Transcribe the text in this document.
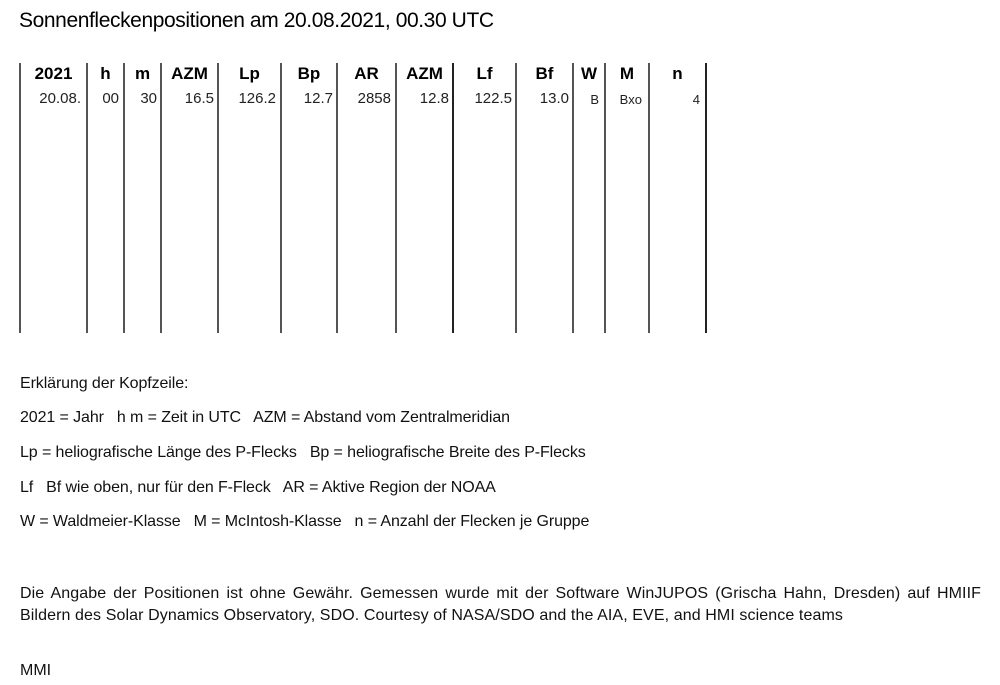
Sonnenfleckenpositionen am 20.08.2021, 00.30 UTC
2021	h	m	AZM	Lp	Bp	AR	AZM	Lf	Bf	W	M	n
20.08.	00	30	16.5	126.2	12.7	2858	12.8	122.5	13.0	B	Bxo	4
Erklärung der Kopfzeile:
2021 = Jahr   h m = Zeit in UTC   AZM = Abstand vom Zentralmeridian
Lp = heliografische Länge des P-Flecks   Bp = heliografische Breite des P-Flecks
Lf   Bf wie oben, nur für den F-Fleck   AR = Aktive Region der NOAA
W = Waldmeier-Klasse   M = McIntosh-Klasse   n = Anzahl der Flecken je Gruppe
Die Angabe der Positionen ist ohne Gewähr. Gemessen wurde mit der Software WinJUPOS (Grischa Hahn, Dresden) auf HMIIF Bildern des Solar Dynamics Observatory, SDO. Courtesy of NASA/SDO and the AIA, EVE, and HMI science teams
MMI
